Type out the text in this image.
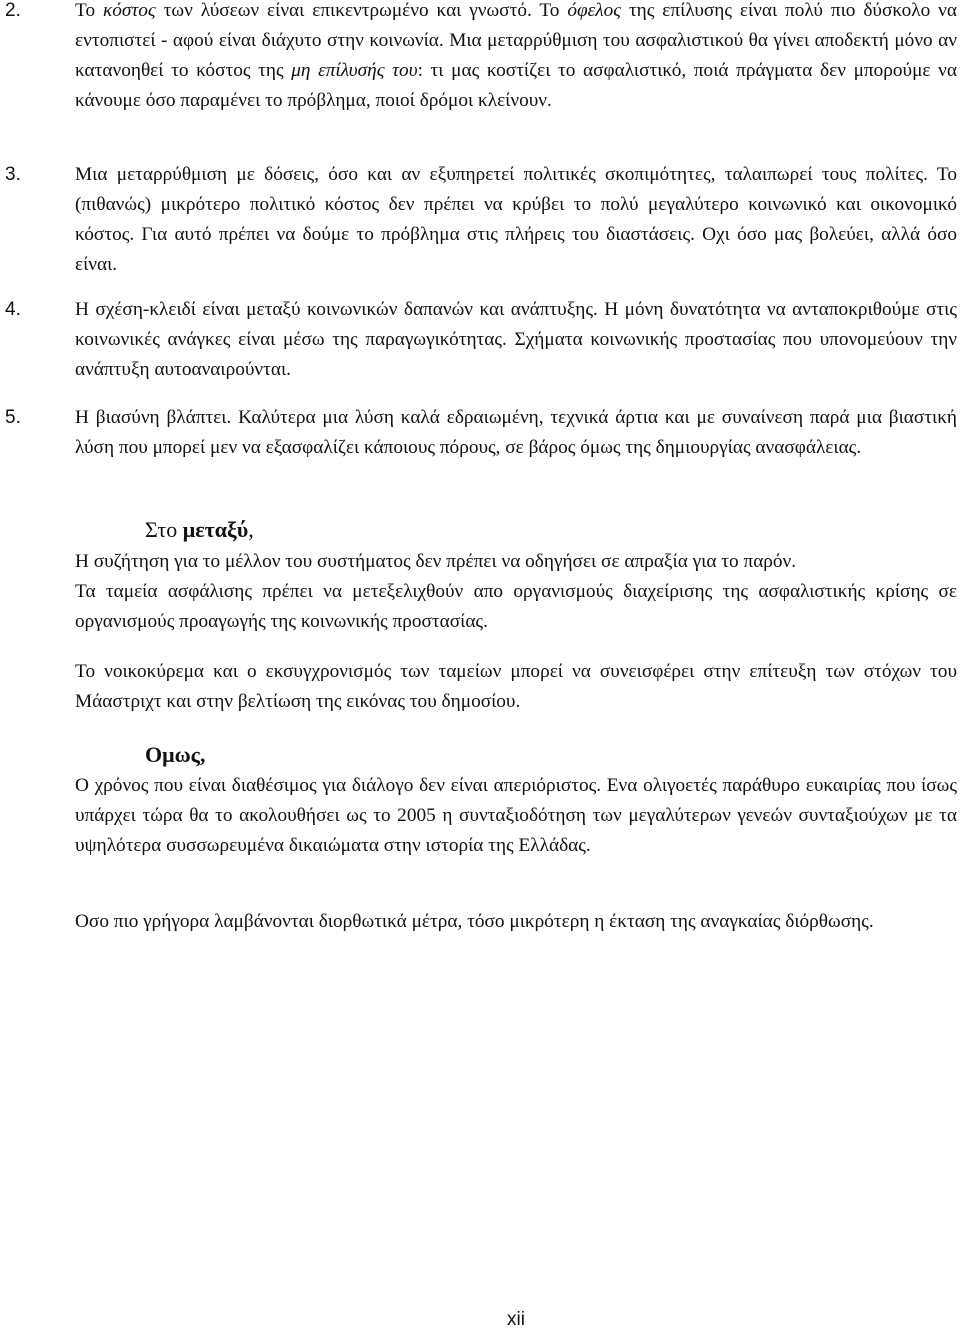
2.	Το κόστος των λύσεων είναι επικεντρωμένο και γνωστό. Το όφελος της επίλυσης είναι πολύ πιο δύσκολο να εντοπιστεί - αφού είναι διάχυτο στην κοινωνία. Μια μεταρρύθμιση του ασφαλιστικού θα γίνει αποδεκτή μόνο αν κατανοηθεί το κόστος της μη επίλυσής του: τι μας κοστίζει το ασφαλιστικό, ποιά πράγματα δεν μπορούμε να κάνουμε όσο παραμένει το πρόβλημα, ποιοί δρόμοι κλείνουν.
3.	Μια μεταρρύθμιση με δόσεις, όσο και αν εξυπηρετεί πολιτικές σκοπιμότητες, ταλαιπωρεί τους πολίτες. Το (πιθανώς) μικρότερο πολιτικό κόστος δεν πρέπει να κρύβει το πολύ μεγαλύτερο κοινωνικό και οικονομικό κόστος. Για αυτό πρέπει να δούμε το πρόβλημα στις πλήρεις του διαστάσεις. Οχι όσο μας βολεύει, αλλά όσο είναι.
4.	Η σχέση-κλειδί είναι μεταξύ κοινωνικών δαπανών και ανάπτυξης. Η μόνη δυνατότητα να ανταποκριθούμε στις κοινωνικές ανάγκες είναι μέσω της παραγωγικότητας. Σχήματα κοινωνικής προστασίας που υπονομεύουν την ανάπτυξη αυτοαναιρούνται.
5.	Η βιασύνη βλάπτει. Καλύτερα μια λύση καλά εδραιωμένη, τεχνικά άρτια και με συναίνεση παρά μια βιαστική λύση που μπορεί μεν να εξασφαλίζει κάποιους πόρους, σε βάρος όμως της δημιουργίας ανασφάλειας.
Στο μεταξύ,
Η συζήτηση για το μέλλον του συστήματος δεν πρέπει να οδηγήσει σε απραξία για το παρόν.
Τα ταμεία ασφάλισης πρέπει να μετεξελιχθούν απο οργανισμούς διαχείρισης της ασφαλιστικής κρίσης σε οργανισμούς προαγωγής της κοινωνικής προστασίας.
Το νοικοκύρεμα και ο εκσυγχρονισμός των ταμείων μπορεί να συνεισφέρει στην επίτευξη των στόχων του Μάαστριχτ και στην βελτίωση της εικόνας του δημοσίου.
Ομως,
Ο χρόνος που είναι διαθέσιμος για διάλογο δεν είναι απεριόριστος. Ενα ολιγοετές παράθυρο ευκαιρίας που ίσως υπάρχει τώρα θα το ακολουθήσει ως το 2005 η συνταξιοδότηση των μεγαλύτερων γενεών συνταξιούχων με τα υψηλότερα συσσωρευμένα δικαιώματα στην ιστορία της Ελλάδας.
Οσο πιο γρήγορα λαμβάνονται διορθωτικά μέτρα, τόσο μικρότερη η έκταση της αναγκαίας διόρθωσης.
xii
